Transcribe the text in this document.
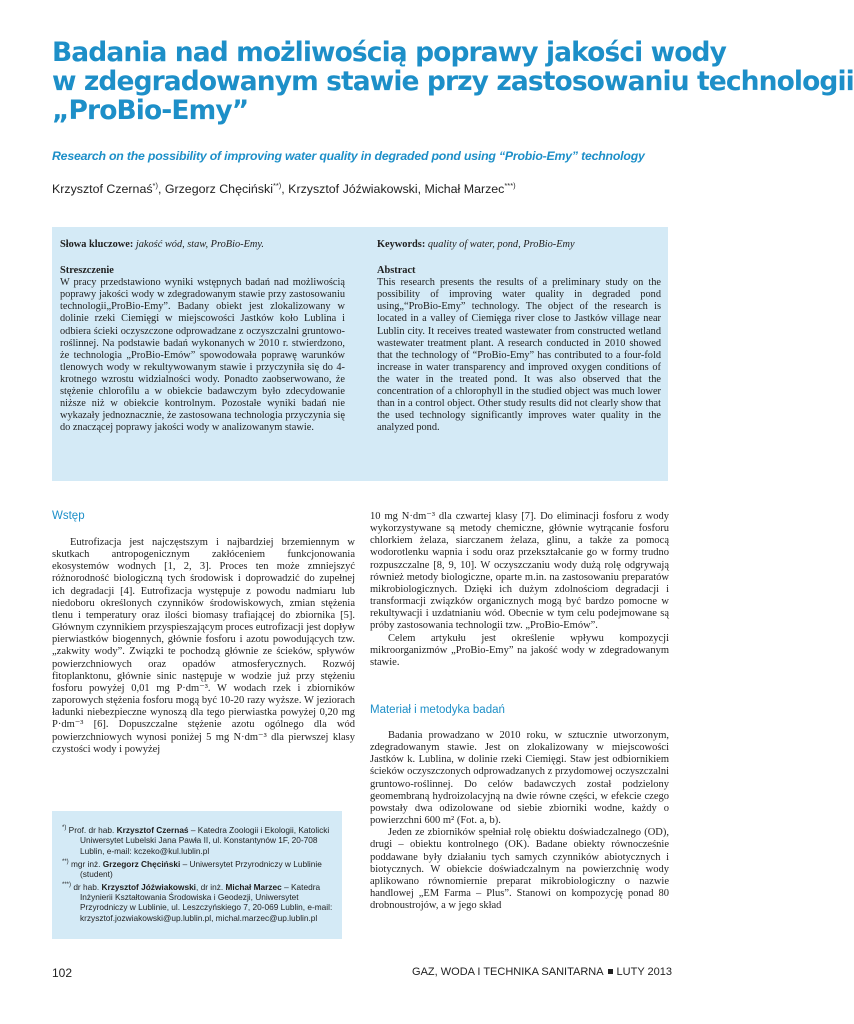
Badania nad możliwością poprawy jakości wody
w zdegradowanym stawie przy zastosowaniu technologii
„ProBio-Emy”
Research on the possibility of improving water quality in degraded pond using “Probio-Emy” technology
Krzysztof Czernaś*), Grzegorz Chęciński**), Krzysztof Jóźwiakowski, Michał Marzec***)

Słowa kluczowe: jakość wód, staw, ProBio-Emy.

Streszczenie

W pracy przedstawiono wyniki wstępnych badań nad możliwością poprawy jakości wody w zdegradowanym stawie przy zastosowaniu technologii„ProBio-Emy”. Badany obiekt jest zlokalizowany w dolinie rzeki Ciemięgi w miejscowości Jastków koło Lublina i odbiera ścieki oczyszczone odprowadzane z oczyszczalni gruntowo-roślinnej. Na podstawie badań wykonanych w 2010 r. stwierdzono, że technologia „ProBio-Emów” spowodowała poprawę warunków tlenowych wody w rekultywowanym stawie i przyczyniła się do 4-krotnego wzrostu widzialności wody. Ponadto zaobserwowano, że stężenie chlorofilu a w obiekcie badawczym było zdecydowanie niższe niż w obiekcie kontrolnym. Pozostałe wyniki badań nie wykazały jednoznacznie, że zastosowana technologia przyczynia się do znaczącej poprawy jakości wody w analizowanym stawie.

Keywords: quality of water, pond, ProBio-Emy

Abstract

This research presents the results of a preliminary study on the possibility of improving water quality in degraded pond using„“ProBio-Emy” technology. The object of the research is located in a valley of Ciemięga river close to Jastków village near Lublin city. It receives treated wastewater from constructed wetland wastewater treatment plant. A research conducted in 2010 showed that the technology of “ProBio-Emy” has contributed to a four-fold increase in water transparency and improved oxygen conditions of the water in the treated pond. It was also observed that the concentration of a chlorophyll in the studied object was much lower than in a control object. Other study results did not clearly show that the used technology significantly improves water quality in the analyzed pond.

Wstęp

Eutrofizacja jest najczęstszym i najbardziej brzemiennym w skutkach antropogenicznym zakłóceniem funkcjonowania ekosystemów wodnych [1, 2, 3]. Proces ten może zmniejszyć różnorodność biologiczną tych środowisk i doprowadzić do zupełnej ich degradacji [4]. Eutrofizacja występuje z powodu nadmiaru lub niedoboru określonych czynników środowiskowych, zmian stężenia tlenu i temperatury oraz ilości biomasy trafiającej do zbiornika [5]. Głównym czynnikiem przyspieszającym proces eutrofizacji jest dopływ pierwiastków biogennych, głównie fosforu i azotu powodujących tzw. „zakwity wody”. Związki te pochodzą głównie ze ścieków, spływów powierzchniowych oraz opadów atmosferycznych. Rozwój fitoplanktonu, głównie sinic następuje w wodzie już przy stężeniu fosforu powyżej 0,01 mg P·dm⁻³. W wodach rzek i zbiorników zaporowych stężenia fosforu mogą być 10-20 razy wyższe. W jeziorach ładunki niebezpieczne wynoszą dla tego pierwiastka powyżej 0,20 mg P·dm⁻³ [6]. Dopuszczalne stężenie azotu ogólnego dla wód powierzchniowych wynosi poniżej 5 mg N·dm⁻³ dla pierwszej klasy czystości wody i powyżej

10 mg N·dm⁻³ dla czwartej klasy [7]. Do eliminacji fosforu z wody wykorzystywane są metody chemiczne, głównie wytrącanie fosforu chlorkiem żelaza, siarczanem żelaza, glinu, a także za pomocą wodorotlenku wapnia i sodu oraz przekształcanie go w formy trudno rozpuszczalne [8, 9, 10]. W oczyszczaniu wody dużą rolę odgrywają również metody biologiczne, oparte m.in. na zastosowaniu preparatów mikrobiologicznych. Dzięki ich dużym zdolnościom degradacji i transformacji związków organicznych mogą być bardzo pomocne w rekultywacji i uzdatnianiu wód. Obecnie w tym celu podejmowane są próby zastosowania technologii tzw. „ProBio-Emów”.

Celem artykułu jest określenie wpływu kompozycji mikroorganizmów „ProBio-Emy” na jakość wody w zdegradowanym stawie.

Materiał i metodyka badań

Badania prowadzano w 2010 roku, w sztucznie utworzonym, zdegradowanym stawie. Jest on zlokalizowany w miejscowości Jastków k. Lublina, w dolinie rzeki Ciemięgi. Staw jest odbiornikiem ścieków oczyszczonych odprowadzanych z przydomowej oczyszczalni gruntowo-roślinnej. Do celów badawczych został podzielony geomembraną hydroizolacyjną na dwie równe części, w efekcie czego powstały dwa odizolowane od siebie zbiorniki wodne, każdy o powierzchni 600 m² (Fot. a, b).

Jeden ze zbiorników spełniał rolę obiektu doświadczalnego (OD), drugi – obiektu kontrolnego (OK). Badane obiekty równocześnie poddawane były działaniu tych samych czynników abiotycznych i biotycznych. W obiekcie doświadczalnym na powierzchnię wody aplikowano równomiernie preparat mikrobiologiczny o nazwie handlowej „EM Farma – Plus”. Stanowi on kompozycję ponad 80 drobnoustrojów, a w jego skład

*) Prof. dr hab. Krzysztof Czernaś – Katedra Zoologii i Ekologii, Katolicki Uniwersytet Lubelski Jana Pawła II, ul. Konstantynów 1F, 20-708 Lublin, e-mail: kczeko@kul.lublin.pl

**) mgr inż. Grzegorz Chęciński – Uniwersytet Przyrodniczy w Lublinie (student)

***) dr hab. Krzysztof Jóźwiakowski, dr inż. Michał Marzec – Katedra Inżynierii Kształtowania Środowiska i Geodezji, Uniwersytet Przyrodniczy w Lublinie, ul. Leszczyńskiego 7, 20-069 Lublin, e-mail: krzysztof.jozwiakowski@up.lublin.pl, michal.marzec@up.lublin.pl

102	GAZ, WODA I TECHNIKA SANITARNA LUTY 2013
